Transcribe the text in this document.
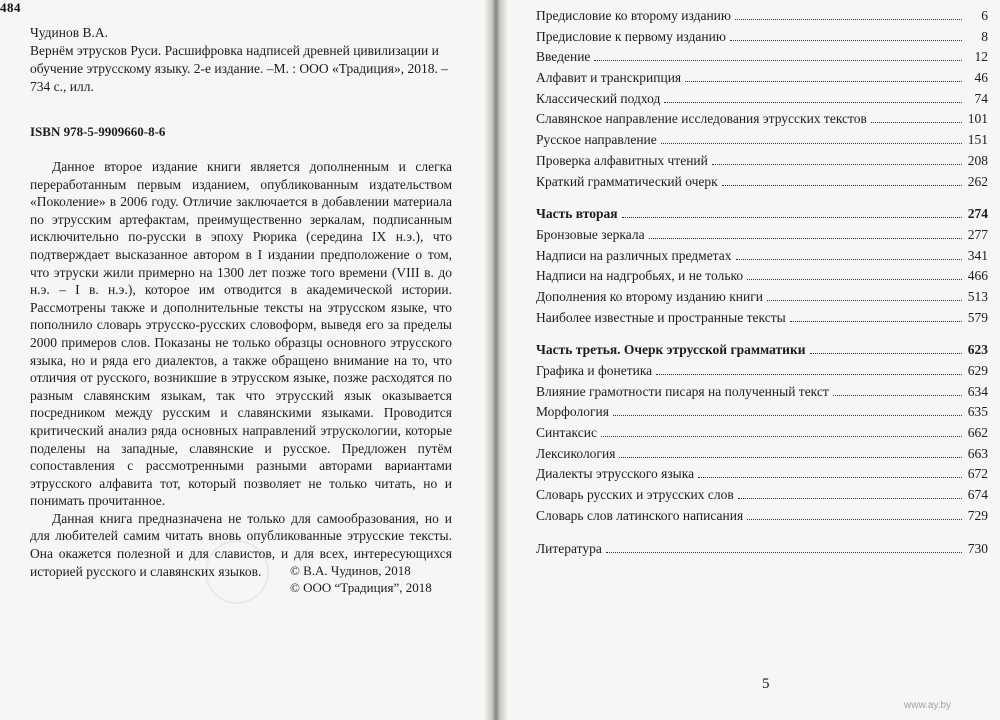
484
Чудинов В.А.
Вернём этрусков Руси. Расшифровка надписей древней цивилизации и
обучение этрусскому языку. 2-е издание. –М. : ООО «Традиция», 2018. –
734 с., илл.
ISBN 978-5-9909660-8-6

Данное второе издание книги является дополненным и слегка переработанным первым изданием, опубликованным издательством «Поколение» в 2006 году. Отличие заключается в добавлении материала по этрусским артефактам, преимущественно зеркалам, подписанным исключительно по-русски в эпоху Рюрика (середина IX н.э.), что подтверждает высказанное автором в I издании предположение о том, что этруски жили примерно на 1300 лет позже того времени (VIII в. до н.э. – I в. н.э.), которое им отводится в академической истории. Рассмотрены также и дополнительные тексты на этрусском языке, что пополнило словарь этрусско-русских словоформ, выведя его за пределы 2000 примеров слов. Показаны не только образцы основного этрусского языка, но и ряда его диалектов, а также обращено внимание на то, что отличия от русского, возникшие в этрусском языке, позже расходятся по разным славянским языкам, так что этрусский язык оказывается посредником между русским и славянскими языками. Проводится критический анализ ряда основных направлений этрускологии, которые поделены на западные, славянские и русское. Предложен путём сопоставления с рассмотренными разными авторами вариантами этрусского алфавита тот, который позволяет не только читать, но и понимать прочитанное.

Данная книга предназначена не только для самообразования, но и для любителей самим читать вновь опубликованные этрусские тексты. Она окажется полезной и для славистов, и для всех, интересующихся историей русского и славянских языков.	© В.А. Чудинов, 2018
© ООО “Традиция”, 2018
Предисловие ко второму изданию	6
Предисловие к первому изданию	8
Введение	12
Алфавит и транскрипция	46
Классический подход	74
Славянское направление исследования этрусских текстов	101
Русское направление	151
Проверка алфавитных чтений	208
Краткий грамматический очерк	262
Часть вторая	274
Бронзовые зеркала	277
Надписи на различных предметах	341
Надписи на надгробьях, и не только	466
Дополнения ко второму изданию книги	513
Наиболее известные и пространные тексты	579
Часть третья. Очерк этрусской грамматики	623
Графика и фонетика	629
Влияние грамотности писаря на полученный текст	634
Морфология	635
Синтаксис	662
Лексикология	663
Диалекты этрусского языка	672
Словарь русских и этрусских слов	674
Словарь слов латинского написания	729
Литература	730
5
www.ay.by
